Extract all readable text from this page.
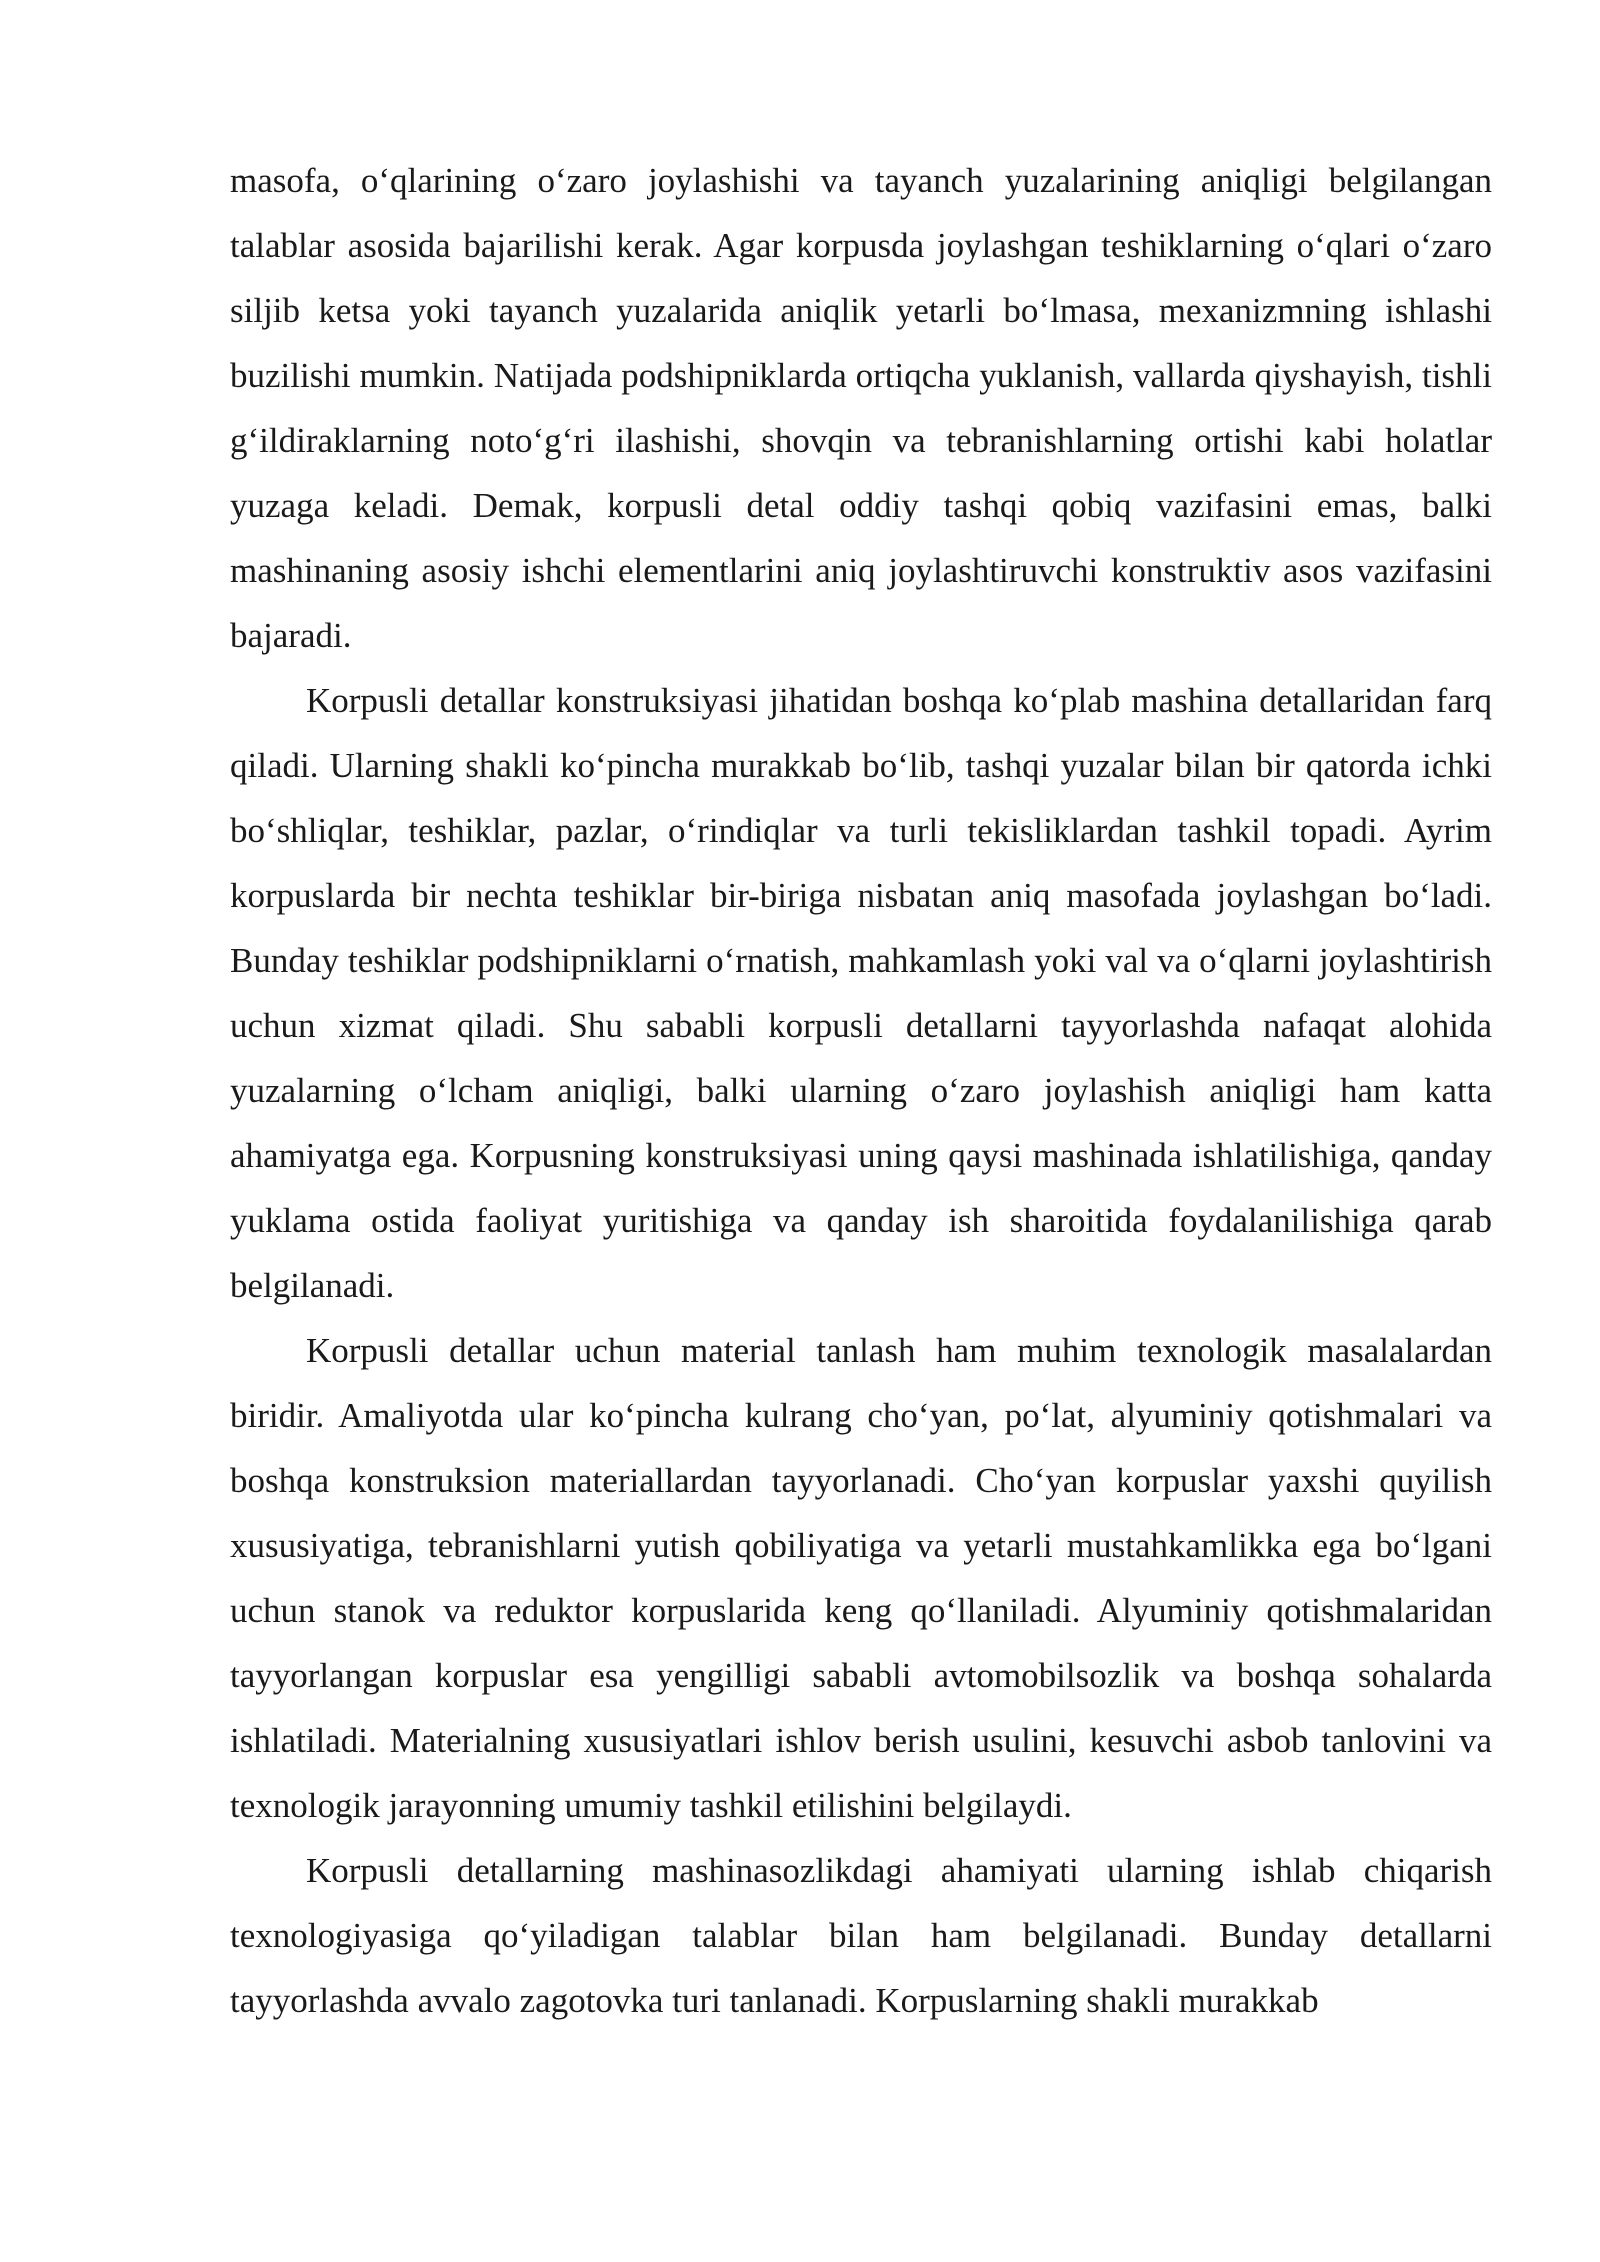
masofa, o‘qlarining o‘zaro joylashishi va tayanch yuzalarining aniqligi belgilangan talablar asosida bajarilishi kerak. Agar korpusda joylashgan teshiklarning o‘qlari o‘zaro siljib ketsa yoki tayanch yuzalarida aniqlik yetarli bo‘lmasa, mexanizmning ishlashi buzilishi mumkin. Natijada podshipniklarda ortiqcha yuklanish, vallarda qiyshayish, tishli g‘ildiraklarning noto‘g‘ri ilashishi, shovqin va tebranishlarning ortishi kabi holatlar yuzaga keladi. Demak, korpusli detal oddiy tashqi qobiq vazifasini emas, balki mashinaning asosiy ishchi elementlarini aniq joylashtiruvchi konstruktiv asos vazifasini bajaradi.

Korpusli detallar konstruksiyasi jihatidan boshqa ko‘plab mashina detallaridan farq qiladi. Ularning shakli ko‘pincha murakkab bo‘lib, tashqi yuzalar bilan bir qatorda ichki bo‘shliqlar, teshiklar, pazlar, o‘rindiqlar va turli tekisliklardan tashkil topadi. Ayrim korpuslarda bir nechta teshiklar bir-biriga nisbatan aniq masofada joylashgan bo‘ladi. Bunday teshiklar podshipniklarni o‘rnatish, mahkamlash yoki val va o‘qlarni joylashtirish uchun xizmat qiladi. Shu sababli korpusli detallarni tayyorlashda nafaqat alohida yuzalarning o‘lcham aniqligi, balki ularning o‘zaro joylashish aniqligi ham katta ahamiyatga ega. Korpusning konstruksiyasi uning qaysi mashinada ishlatilishiga, qanday yuklama ostida faoliyat yuritishiga va qanday ish sharoitida foydalanilishiga qarab belgilanadi.

Korpusli detallar uchun material tanlash ham muhim texnologik masalalardan biridir. Amaliyotda ular ko‘pincha kulrang cho‘yan, po‘lat, alyuminiy qotishmalari va boshqa konstruksion materiallardan tayyorlanadi. Cho‘yan korpuslar yaxshi quyilish xususiyatiga, tebranishlarni yutish qobiliyatiga va yetarli mustahkamlikka ega bo‘lgani uchun stanok va reduktor korpuslarida keng qo‘llaniladi. Alyuminiy qotishmalaridan tayyorlangan korpuslar esa yengilligi sababli avtomobilsozlik va boshqa sohalarda ishlatiladi. Materialning xususiyatlari ishlov berish usulini, kesuvchi asbob tanlovini va texnologik jarayonning umumiy tashkil etilishini belgilaydi.

Korpusli detallarning mashinasozlikdagi ahamiyati ularning ishlab chiqarish texnologiyasiga qo‘yiladigan talablar bilan ham belgilanadi. Bunday detallarni tayyorlashda avvalo zagotovka turi tanlanadi. Korpuslarning shakli murakkab
